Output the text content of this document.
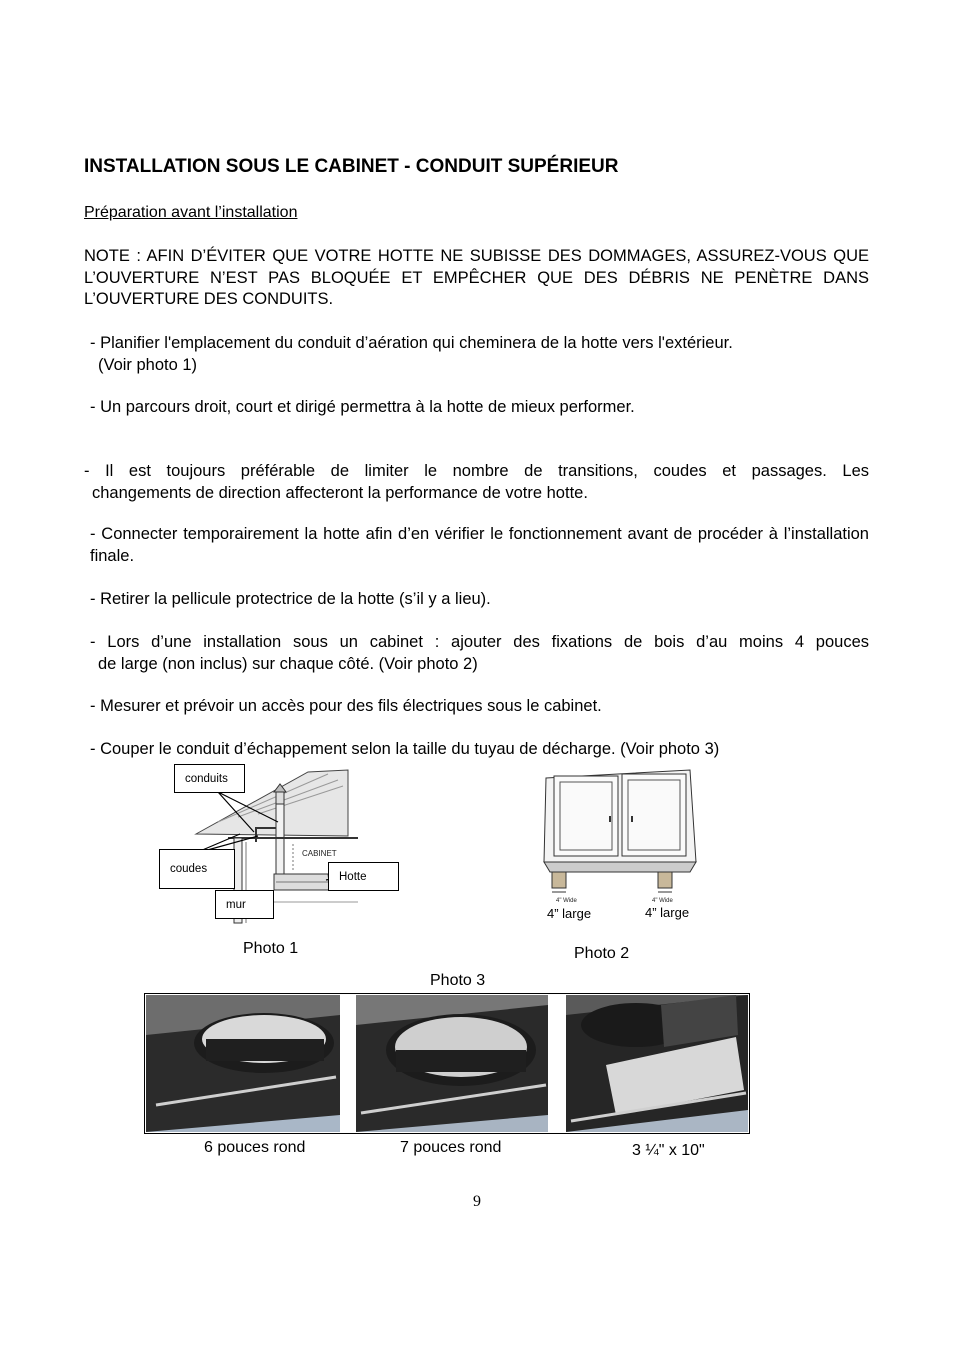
INSTALLATION SOUS LE CABINET - CONDUIT SUPÉRIEUR
Préparation avant l’installation
NOTE : AFIN D’ÉVITER QUE VOTRE HOTTE NE SUBISSE DES DOMMAGES, ASSUREZ-VOUS QUE L’OUVERTURE N’EST PAS BLOQUÉE ET EMPÊCHER QUE DES DÉBRIS NE PENÈTRE DANS L’OUVERTURE DES CONDUITS.
- Planifier l'emplacement du conduit d’aération qui cheminera de la hotte vers l'extérieur.
(Voir photo 1)
- Un parcours droit, court et dirigé permettra à la hotte de mieux performer.
- Il est toujours préférable de limiter le nombre de transitions, coudes et passages. Les
changements de direction affecteront la performance de votre hotte.
- Connecter temporairement la hotte afin d’en vérifier le fonctionnement avant de procéder à l’installation finale.
- Retirer la pellicule protectrice de la hotte (s’il y a lieu).
- Lors d’une installation sous un cabinet : ajouter des fixations de bois d’au moins 4 pouces
de large (non inclus) sur chaque côté. (Voir photo 2)
- Mesurer et prévoir un accès pour des fils électriques sous le cabinet.
- Couper le conduit d’échappement selon la taille du tuyau de décharge. (Voir photo 3)
CABINET
conduits
coudes
Hotte
mur
Photo 1
4" Wide	4" Wide
4” large	4” large
Photo 2
Photo 3
6 pouces rond	7 pouces rond	3 ¼" x 10"
9
